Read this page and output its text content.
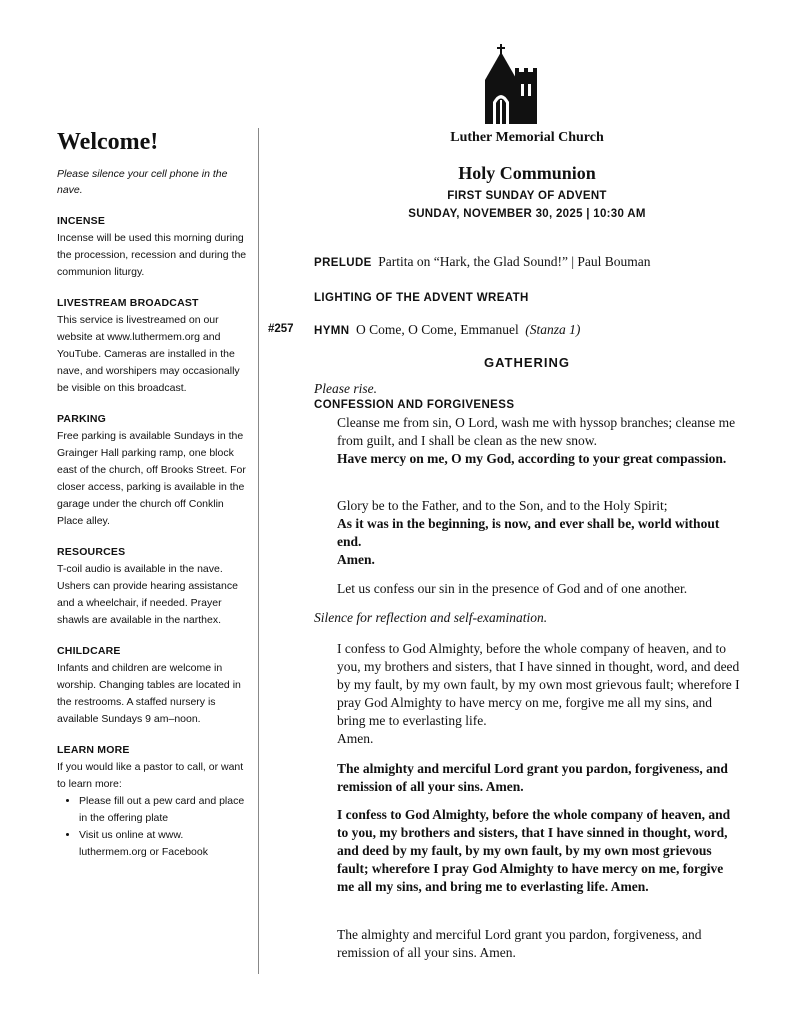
Welcome!

Please silence your cell phone in the nave.

INCENSE

Incense will be used this morning during the procession, recession and during the communion liturgy.

LIVESTREAM BROADCAST

This service is livestreamed on our website at www.luthermem.org and YouTube. Cameras are installed in the nave, and worshipers may occasionally be visible on this broadcast.

PARKING

Free parking is available Sundays in the Grainger Hall parking ramp, one block east of the church, off Brooks Street. For closer access, parking is available in the garage under the church off Conklin Place alley.

RESOURCES

T-coil audio is available in the nave. Ushers can provide hearing assistance and a wheelchair, if needed. Prayer shawls are available in the narthex.

CHILDCARE

Infants and children are welcome in worship. Changing tables are located in the restrooms. A staffed nursery is available Sundays 9 am–noon.

LEARN MORE

If you would like a pastor to call, or want to learn more:

• Please fill out a pew card and place in the offering plate
• Visit us online at www. luthermem.org or Facebook
Luther Memorial Church
Holy Communion
FIRST SUNDAY OF ADVENT
SUNDAY, NOVEMBER 30, 2025 | 10:30 AM
PRELUDE Partita on “Hark, the Glad Sound!” | Paul Bouman
LIGHTING OF THE ADVENT WREATH
#257 HYMN O Come, O Come, Emmanuel (Stanza 1)
GATHERING
Please rise.
CONFESSION AND FORGIVENESS
Cleanse me from sin, O Lord, wash me with hyssop branches; cleanse me from guilt, and I shall be clean as the new snow.
Have mercy on me, O my God, according to your great compassion.
Glory be to the Father, and to the Son, and to the Holy Spirit;
As it was in the beginning, is now, and ever shall be, world without end.
Amen.
Let us confess our sin in the presence of God and of one another.
Silence for reflection and self-examination.
I confess to God Almighty, before the whole company of heaven, and to you, my brothers and sisters, that I have sinned in thought, word, and deed by my fault, by my own fault, by my own most grievous fault; wherefore I pray God Almighty to have mercy on me, forgive me all my sins, and bring me to everlasting life.
Amen.
The almighty and merciful Lord grant you pardon, forgiveness, and remission of all your sins. Amen.
I confess to God Almighty, before the whole company of heaven, and to you, my brothers and sisters, that I have sinned in thought, word, and deed by my fault, by my own fault, by my own most grievous fault; wherefore I pray God Almighty to have mercy on me, forgive me all my sins, and bring me to everlasting life. Amen.
The almighty and merciful Lord grant you pardon, forgiveness, and remission of all your sins. Amen.
